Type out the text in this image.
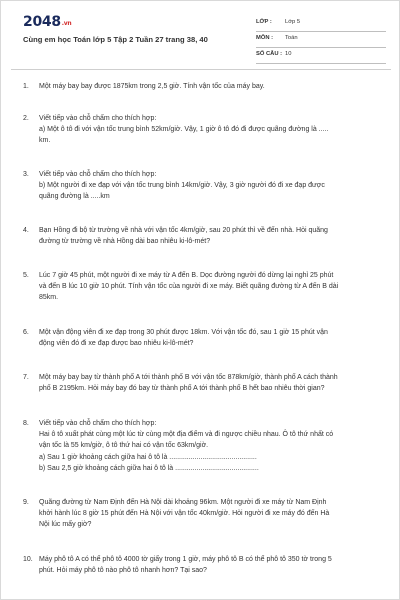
2048.vn
Cùng em học Toán lớp 5 Tập 2 Tuần 27 trang 38, 40
LỚP : Lớp 5
MÔN : Toán
SỐ CÂU : 10
1. Một máy bay bay được 1875km trong 2,5 giờ. Tính vận tốc của máy bay.

2. Viết tiếp vào chỗ chấm cho thích hợp:

a) Một ô tô đi với vận tốc trung bình 52km/giờ. Vậy, 1 giờ ô tô đó đi được quãng đường là .....

km.

3. Viết tiếp vào chỗ chấm cho thích hợp:

b) Một người đi xe đạp với vận tốc trung bình 14km/giờ. Vậy, 3 giờ người đó đi xe đạp được

quãng đường là .....km

4. Bạn Hồng đi bộ từ trường về nhà với vận tốc 4km/giờ, sau 20 phút thì về đến nhà. Hỏi quãng

đường từ trường về nhà Hồng dài bao nhiêu ki-lô-mét?

5. Lúc 7 giờ 45 phút, một người đi xe máy từ A đến B. Dọc đường người đó dừng lại nghỉ 25 phút

và đến B lúc 10 giờ 10 phút. Tính vận tốc của người đi xe máy. Biết quãng đường từ A đến B dài

85km.

6. Một vận động viên đi xe đạp trong 30 phút được 18km. Với vận tốc đó, sau 1 giờ 15 phút vận

động viên đó đi xe đạp được bao nhiêu ki-lô-mét?

7. Một máy bay bay từ thành phố A tới thành phố B với vận tốc 878km/giờ, thành phố A cách thành

phố B 2195km. Hỏi máy bay đó bay từ thành phố A tới thành phố B hết bao nhiêu thời gian?

8. Viết tiếp vào chỗ chấm cho thích hợp:

Hai ô tô xuất phát cùng một lúc từ cùng một địa điểm và đi ngược chiều nhau. Ô tô thứ nhất có

vận tốc là 55 km/giờ, ô tô thứ hai có vận tốc 63km/giờ.

a) Sau 1 giờ khoảng cách giữa hai ô tô là .............................................

b) Sau 2,5 giờ khoảng cách giữa hai ô tô là ...........................................

9. Quãng đường từ Nam Định đến Hà Nội dài khoảng 96km. Một người đi xe máy từ Nam Định

khởi hành lúc 8 giờ 15 phút đến Hà Nội với vận tốc 40km/giờ. Hỏi người đi xe máy đó đến Hà

Nội lúc mấy giờ?

10. Máy phô tô A có thể phô tô 4000 tờ giấy trong 1 giờ, máy phô tô B có thể phô tô 350 tờ trong 5

phút. Hỏi máy phô tô nào phô tô nhanh hơn? Tại sao?
